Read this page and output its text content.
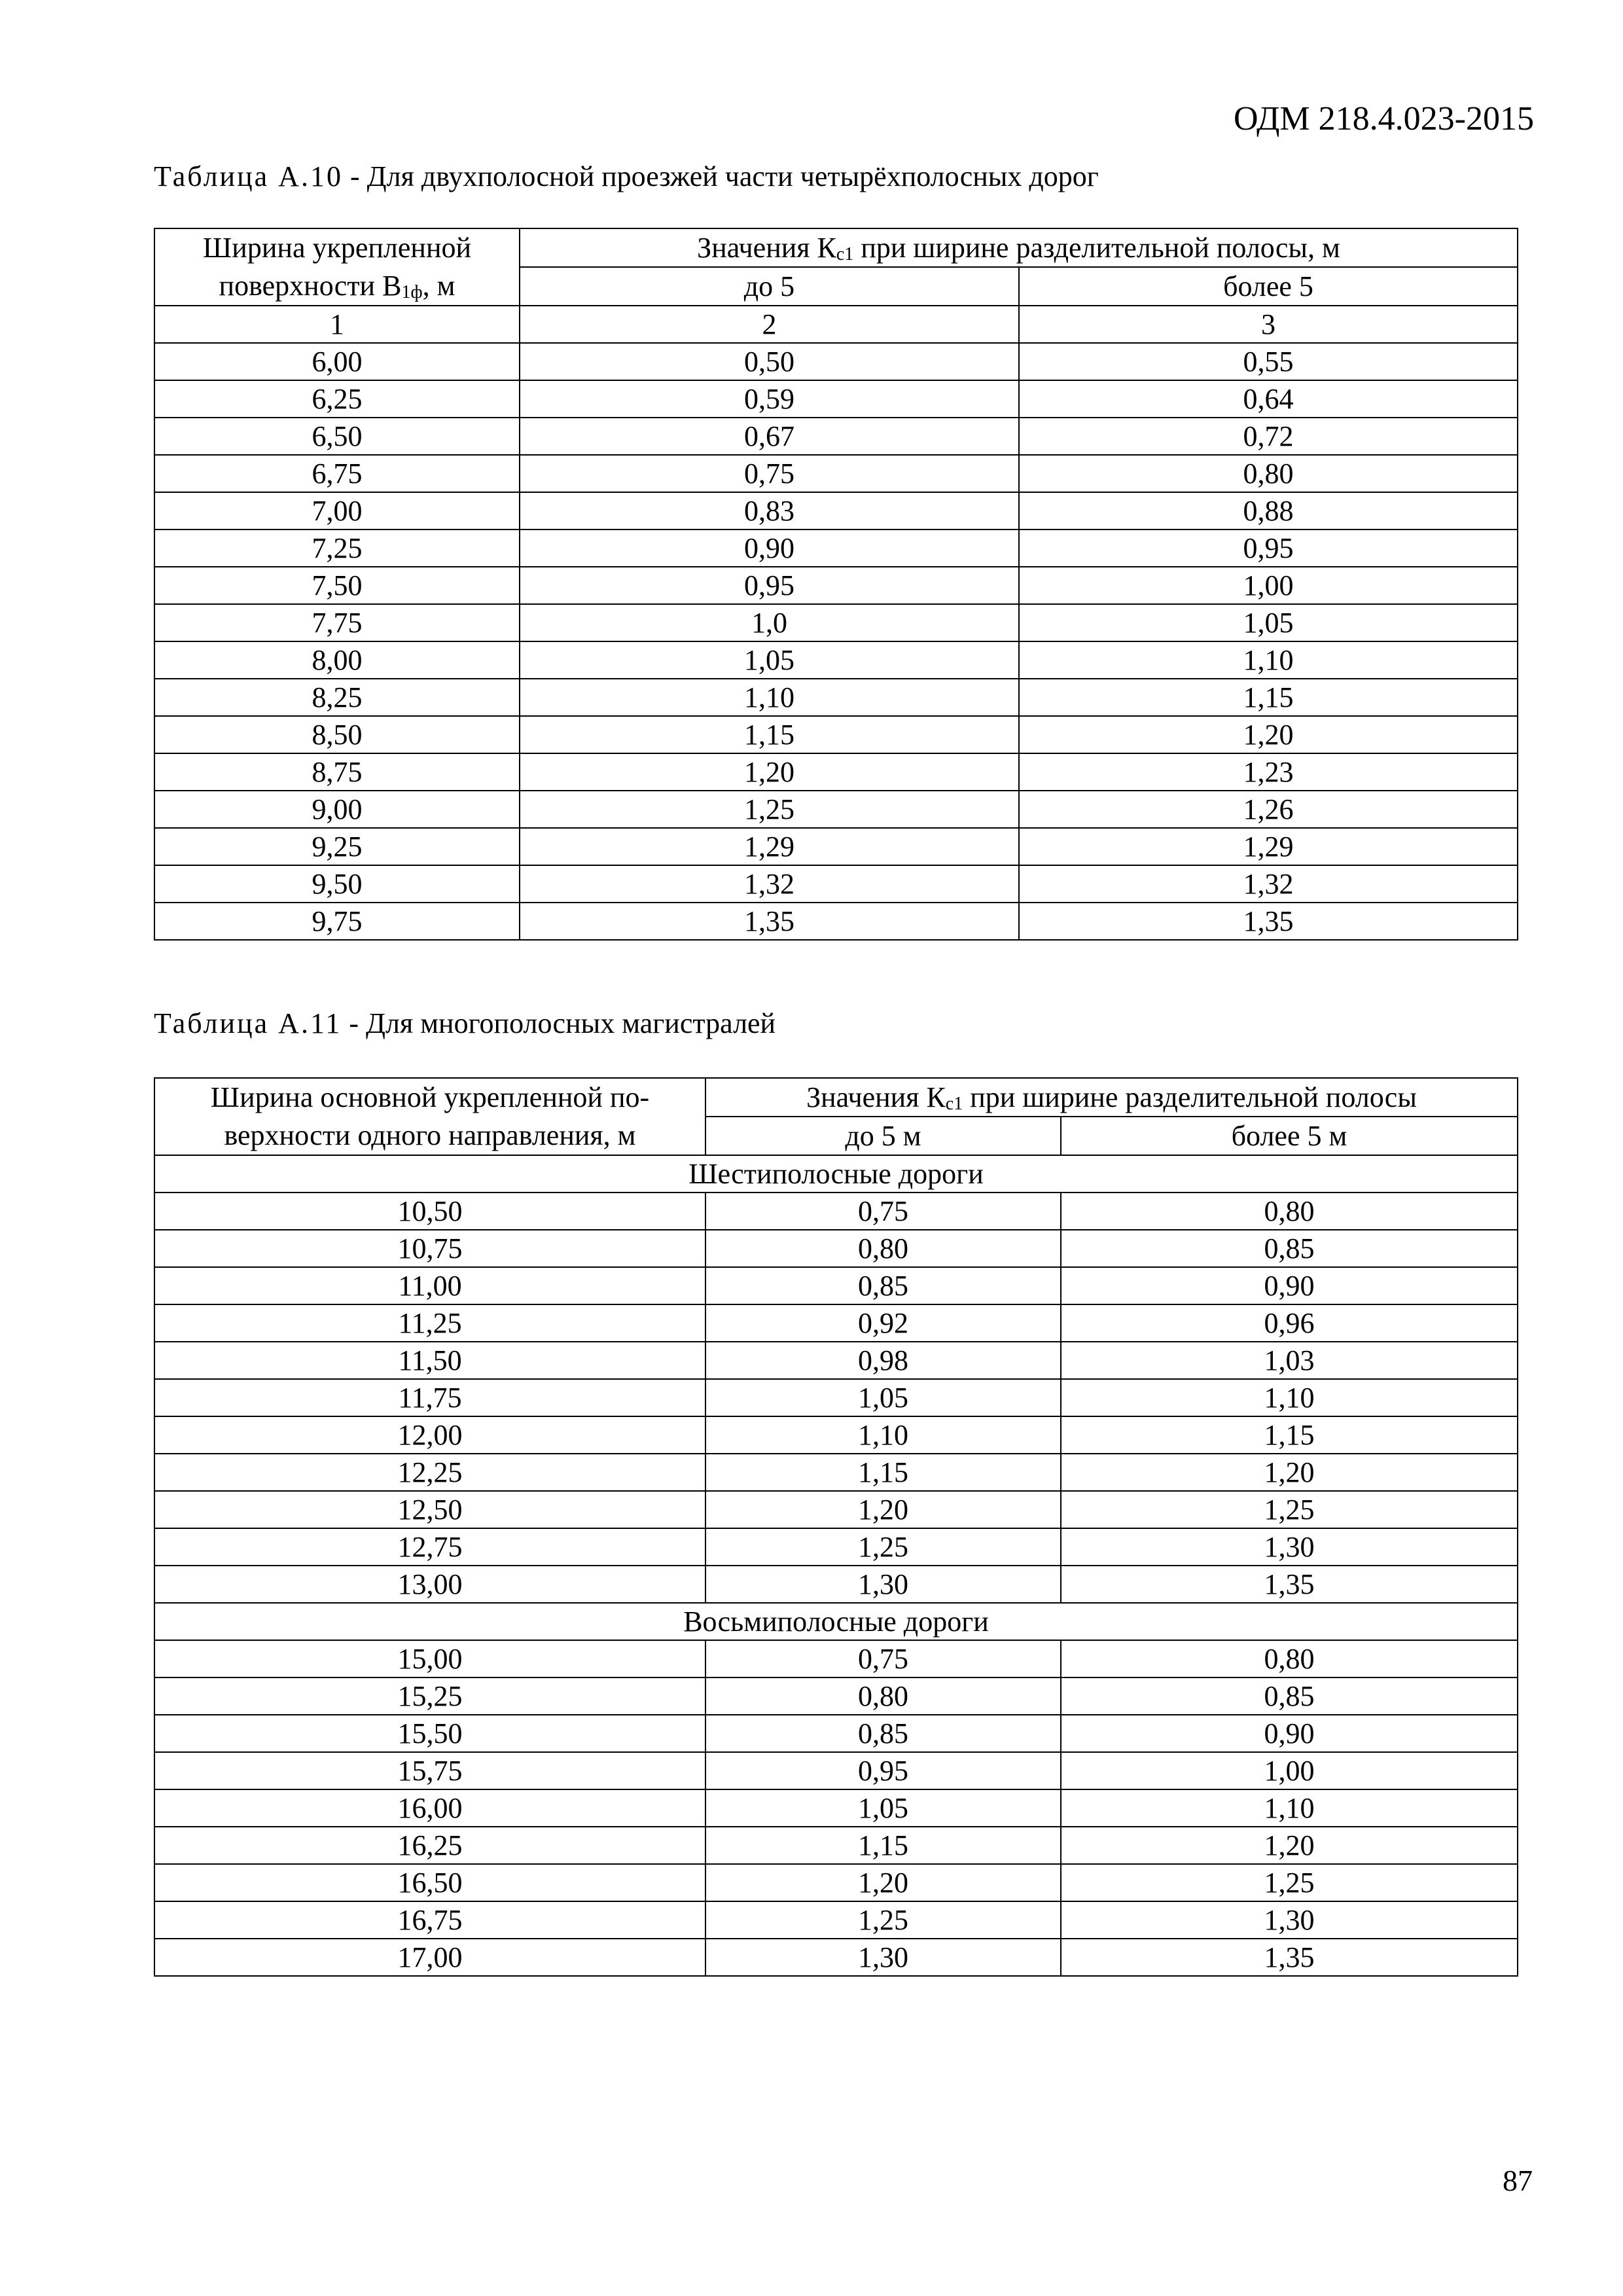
ОДМ 218.4.023-2015
Таблица А.10 - Для двухполосной проезжей части четырёхполосных дорог
Ширина укрепленной поверхности $В_{1ф}$, м	Значения $К_{с1}$ при ширине разделительной полосы, м	
	до 5	более 5
1	2	3
6,00	0,50	0,55
6,25	0,59	0,64
6,50	0,67	0,72
6,75	0,75	0,80
7,00	0,83	0,88
7,25	0,90	0,95
7,50	0,95	1,00
7,75	1,0	1,05
8,00	1,05	1,10
8,25	1,10	1,15
8,50	1,15	1,20
8,75	1,20	1,23
9,00	1,25	1,26
9,25	1,29	1,29
9,50	1,32	1,32
9,75	1,35	1,35
Таблица А.11 - Для многополосных магистралей
Ширина основной укрепленной по-верхности одного направления, м	Значения $К_{с1}$ при ширине разделительной полосы	
	до 5 м	более 5 м
Шестиполосные дороги		
10,50	0,75	0,80
10,75	0,80	0,85
11,00	0,85	0,90
11,25	0,92	0,96
11,50	0,98	1,03
11,75	1,05	1,10
12,00	1,10	1,15
12,25	1,15	1,20
12,50	1,20	1,25
12,75	1,25	1,30
13,00	1,30	1,35
Восьмиполосные дороги		
15,00	0,75	0,80
15,25	0,80	0,85
15,50	0,85	0,90
15,75	0,95	1,00
16,00	1,05	1,10
16,25	1,15	1,20
16,50	1,20	1,25
16,75	1,25	1,30
17,00	1,30	1,35
87
